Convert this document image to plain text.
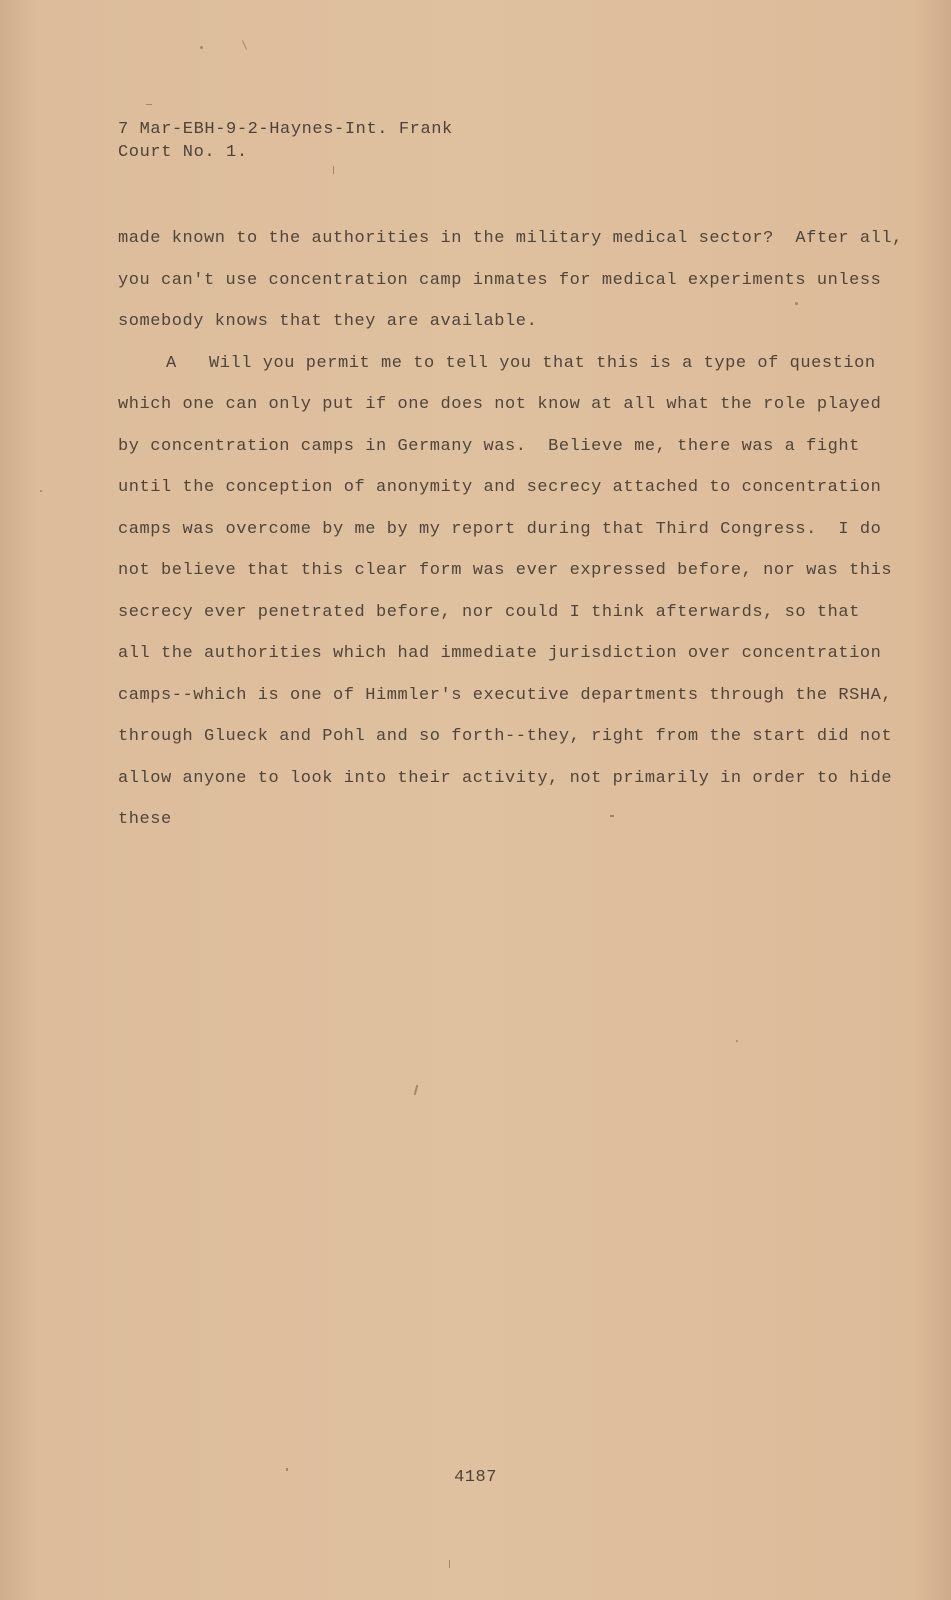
7 Mar-EBH-9-2-Haynes-Int. Frank
Court No. 1.
made known to the authorities in the military medical sector?  After all,
you can't use concentration camp inmates for medical experiments unless
somebody knows that they are available.
A   Will you permit me to tell you that this is a type of question
which one can only put if one does not know at all what the role played
by concentration camps in Germany was.  Believe me, there was a fight
until the conception of anonymity and secrecy attached to concentration
camps was overcome by me by my report during that Third Congress.  I do
not believe that this clear form was ever expressed before, nor was this
secrecy ever penetrated before, nor could I think afterwards, so that
all the authorities which had immediate jurisdiction over concentration
camps--which is one of Himmler's executive departments through the RSHA,
through Glueck and Pohl and so forth--they, right from the start did not
allow anyone to look into their activity, not primarily in order to hide
these
4187
